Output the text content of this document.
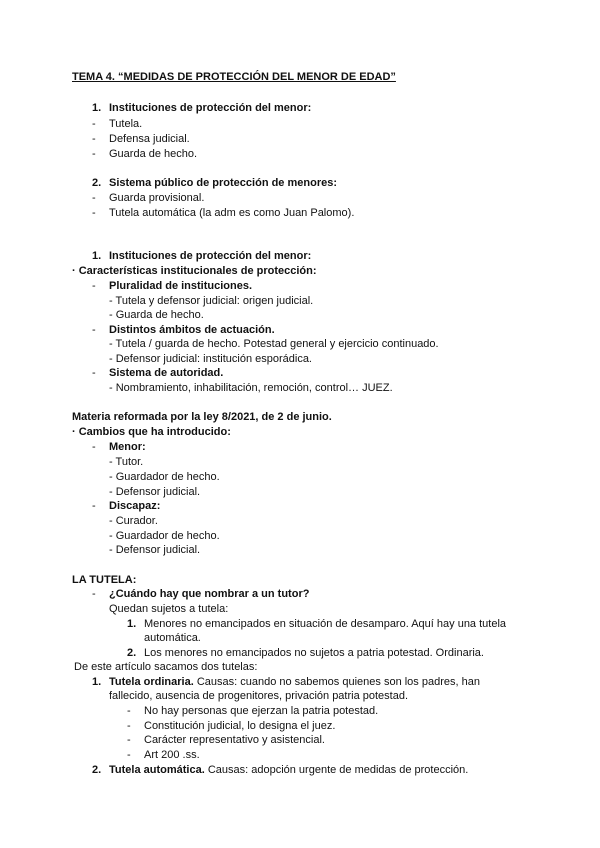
TEMA 4. “MEDIDAS DE PROTECCIÓN DEL MENOR DE EDAD”
1. Instituciones de protección del menor:
- Tutela.
- Defensa judicial.
- Guarda de hecho.
2. Sistema público de protección de menores:
- Guarda provisional.
- Tutela automática (la adm es como Juan Palomo).
1. Instituciones de protección del menor:
· Características institucionales de protección:
- Pluralidad de instituciones.
- Tutela y defensor judicial: origen judicial.
- Guarda de hecho.
- Distintos ámbitos de actuación.
- Tutela / guarda de hecho. Potestad general y ejercicio continuado.
- Defensor judicial: institución esporádica.
- Sistema de autoridad.
- Nombramiento, inhabilitación, remoción, control… JUEZ.
Materia reformada por la ley 8/2021, de 2 de junio.
· Cambios que ha introducido:
- Menor:
- Tutor.
- Guardador de hecho.
- Defensor judicial.
- Discapaz:
- Curador.
- Guardador de hecho.
- Defensor judicial.
LA TUTELA:
- ¿Cuándo hay que nombrar a un tutor?
Quedan sujetos a tutela:
1. Menores no emancipados en situación de desamparo. Aquí hay una tutela
automática.
2. Los menores no emancipados no sujetos a patria potestad. Ordinaria.
De este artículo sacamos dos tutelas:
1. Tutela ordinaria. Causas: cuando no sabemos quienes son los padres, han
fallecido, ausencia de progenitores, privación patria potestad.
- No hay personas que ejerzan la patria potestad.
- Constitución judicial, lo designa el juez.
- Carácter representativo y asistencial.
- Art 200 .ss.
2. Tutela automática. Causas: adopción urgente de medidas de protección.
